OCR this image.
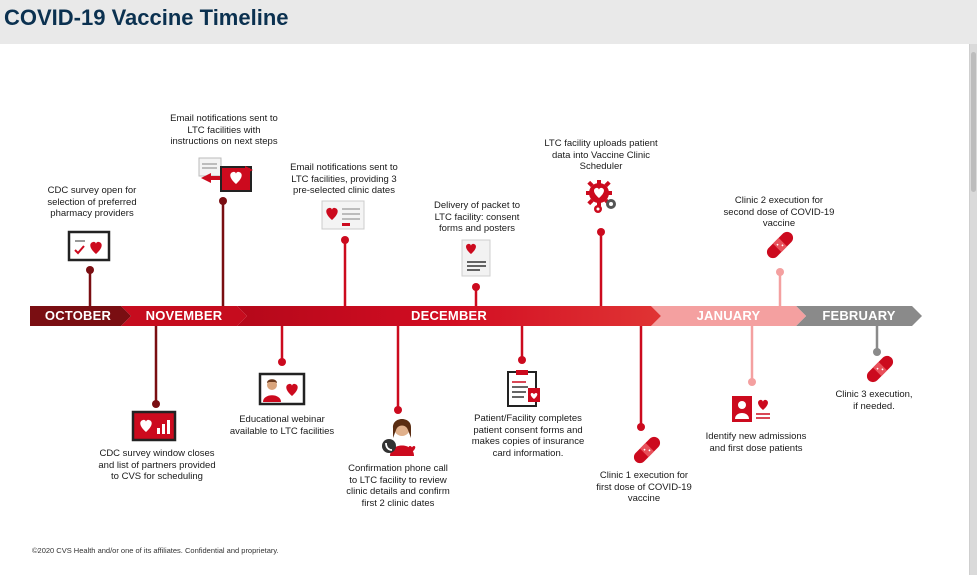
COVID-19 Vaccine Timeline
OCTOBER	NOVEMBER	DECEMBER	JANUARY	FEBRUARY
CDC survey open for
selection of preferred
pharmacy providers
Email notifications sent to
LTC facilities with
instructions on next steps
Email notifications sent to
LTC facilities, providing 3
pre-selected clinic dates
Delivery of packet to
LTC facility: consent
forms and posters
LTC facility uploads patient
data into Vaccine Clinic
Scheduler
Clinic 2 execution for
second dose of COVID-19
vaccine
CDC survey window closes
and list of partners provided
to CVS for scheduling
Educational webinar
available to LTC facilities
Confirmation phone call
to LTC facility to review
clinic details and confirm
first 2 clinic dates
Patient/Facility completes
patient consent forms and
makes copies of insurance
card information.
Clinic 1 execution for
first dose of COVID-19
vaccine
Identify new admissions
and first dose patients
Clinic 3 execution,
if needed.
©2020 CVS Health and/or one of its affiliates. Confidential and proprietary.
